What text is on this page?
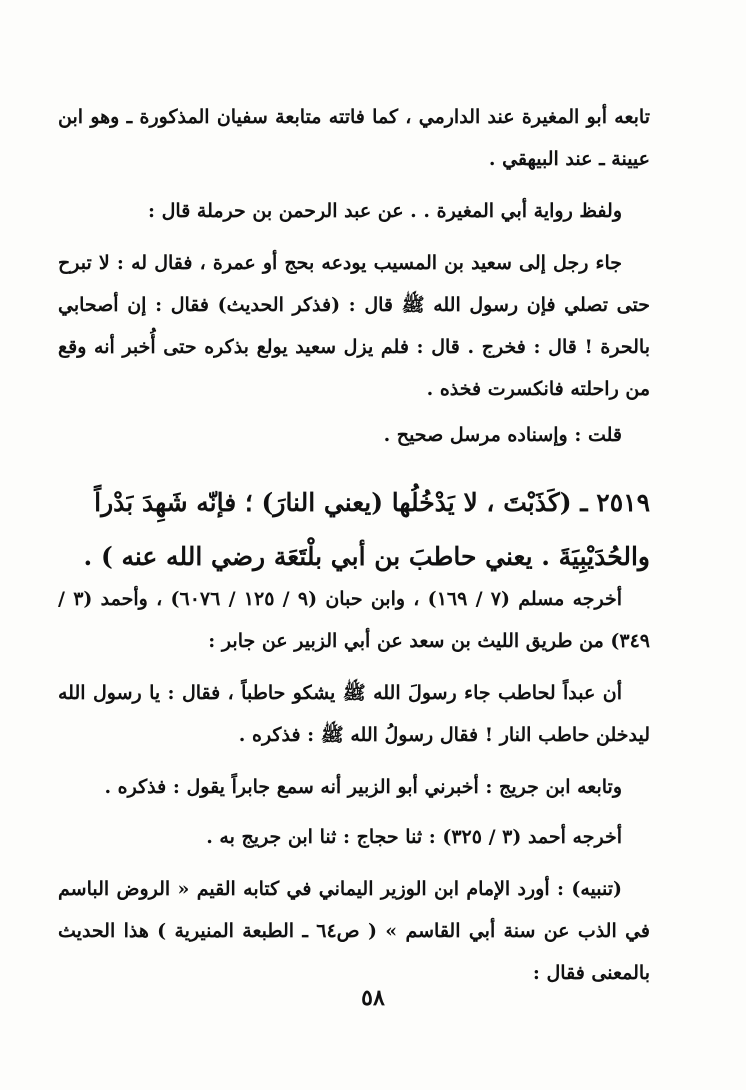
تابعه أبو المغيرة عند الدارمي ، كما فاتته متابعة سفيان المذكورة ـ وهو ابن عيينة ـ عند البيهقي .

ولفظ رواية أبي المغيرة . . عن عبد الرحمن بن حرملة قال :

جاء رجل إلى سعيد بن المسيب يودعه بحج أو عمرة ، فقال له : لا تبرح حتى تصلي فإن رسول الله ﷺ قال : (فذكر الحديث) فقال : إن أصحابي بالحرة ! قال : فخرج . قال : فلم يزل سعيد يولع بذكره حتى أُخبر أنه وقع من راحلته فانكسرت فخذه .

قلت : وإسناده مرسل صحيح .

٢٥١٩ ـ (كَذَبْتَ ، لا يَدْخُلُها (يعني النارَ) ؛ فإنّه شَهِدَ بَدْراً والحُدَيْبِيَةَ . يعني حاطبَ بن أبي بلْتَعَة رضي الله عنه ) .

أخرجه مسلم (٧ / ١٦٩) ، وابن حبان (٩ / ١٢٥ / ٦٠٧٦) ، وأحمد (٣ / ٣٤٩) من طريق الليث بن سعد عن أبي الزبير عن جابر :

أن عبداً لحاطب جاء رسولَ الله ﷺ يشكو حاطباً ، فقال : يا رسول الله ليدخلن حاطب النار ! فقال رسولُ الله ﷺ : فذكره .

وتابعه ابن جريج : أخبرني أبو الزبير أنه سمع جابراً يقول : فذكره .

أخرجه أحمد (٣ / ٣٢٥) : ثنا حجاج : ثنا ابن جريج به .

(تنبيه) : أورد الإمام ابن الوزير اليماني في كتابه القيم « الروض الباسم في الذب عن سنة أبي القاسم » ( ص٦٤ ـ الطبعة المنيرية ) هذا الحديث بالمعنى فقال :

٥٨
